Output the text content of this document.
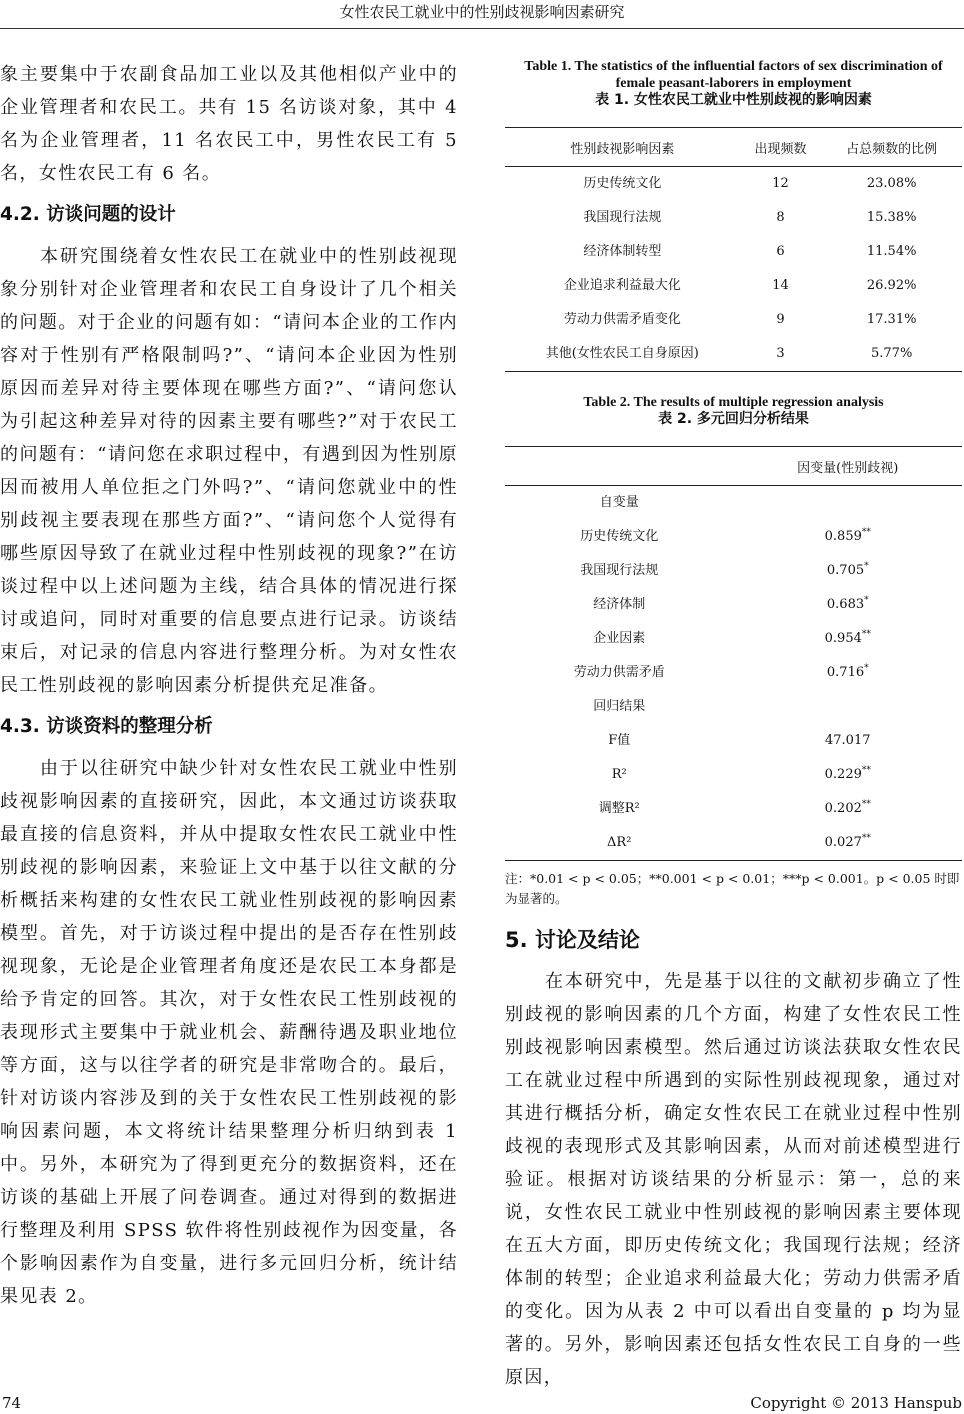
女性农民工就业中的性别歧视影响因素研究

象主要集中于农副食品加工业以及其他相似产业中的企业管理者和农民工。共有 15 名访谈对象，其中 4 名为企业管理者，11 名农民工中，男性农民工有 5 名，女性农民工有 6 名。

4.2. 访谈问题的设计

本研究围绕着女性农民工在就业中的性别歧视现象分别针对企业管理者和农民工自身设计了几个相关的问题。对于企业的问题有如：“请问本企业的工作内容对于性别有严格限制吗?”、“请问本企业因为性别原因而差异对待主要体现在哪些方面?”、“请问您认为引起这种差异对待的因素主要有哪些?”对于农民工的问题有：“请问您在求职过程中，有遇到因为性别原因而被用人单位拒之门外吗?”、“请问您就业中的性别歧视主要表现在那些方面?”、“请问您个人觉得有哪些原因导致了在就业过程中性别歧视的现象?”在访谈过程中以上述问题为主线，结合具体的情况进行探讨或追问，同时对重要的信息要点进行记录。访谈结束后，对记录的信息内容进行整理分析。为对女性农民工性别歧视的影响因素分析提供充足准备。

4.3. 访谈资料的整理分析

由于以往研究中缺少针对女性农民工就业中性别歧视影响因素的直接研究，因此，本文通过访谈获取最直接的信息资料，并从中提取女性农民工就业中性别歧视的影响因素，来验证上文中基于以往文献的分析概括来构建的女性农民工就业性别歧视的影响因素模型。首先，对于访谈过程中提出的是否存在性别歧视现象，无论是企业管理者角度还是农民工本身都是给予肯定的回答。其次，对于女性农民工性别歧视的表现形式主要集中于就业机会、薪酬待遇及职业地位等方面，这与以往学者的研究是非常吻合的。最后，针对访谈内容涉及到的关于女性农民工性别歧视的影响因素问题，本文将统计结果整理分析归纳到表 1 中。另外，本研究为了得到更充分的数据资料，还在访谈的基础上开展了问卷调查。通过对得到的数据进行整理及利用 SPSS 软件将性别歧视作为因变量，各个影响因素作为自变量，进行多元回归分析，统计结果见表 2。

Table 1. The statistics of the influential factors of sex discrimination of female peasant-laborers in employment
表 1. 女性农民工就业中性别歧视的影响因素
性别歧视影响因素	出现频数	占总频数的比例
历史传统文化	12	23.08%
我国现行法规	8	15.38%
经济体制转型	6	11.54%
企业追求利益最大化	14	26.92%
劳动力供需矛盾变化	9	17.31%
其他(女性农民工自身原因)	3	5.77%
Table 2. The results of multiple regression analysis
表 2. 多元回归分析结果
	因变量(性别歧视)
自变量	
历史传统文化	0.859**
我国现行法规	0.705*
经济体制	0.683*
企业因素	0.954**
劳动力供需矛盾	0.716*
回归结果	
F值	47.017
R²	0.229**
调整R²	0.202**
ΔR²	0.027**
注：*0.01 < p < 0.05；**0.001 < p < 0.01；***p < 0.001。p < 0.05 时即为显著的。
5. 讨论及结论

在本研究中，先是基于以往的文献初步确立了性别歧视的影响因素的几个方面，构建了女性农民工性别歧视影响因素模型。然后通过访谈法获取女性农民工在就业过程中所遇到的实际性别歧视现象，通过对其进行概括分析，确定女性农民工在就业过程中性别歧视的表现形式及其影响因素，从而对前述模型进行验证。根据对访谈结果的分析显示：第一，总的来说，女性农民工就业中性别歧视的影响因素主要体现在五大方面，即历史传统文化；我国现行法规；经济体制的转型；企业追求利益最大化；劳动力供需矛盾的变化。因为从表 2 中可以看出自变量的 p 均为显著的。另外，影响因素还包括女性农民工自身的一些原因，

74	Copyright © 2013 Hanspub
